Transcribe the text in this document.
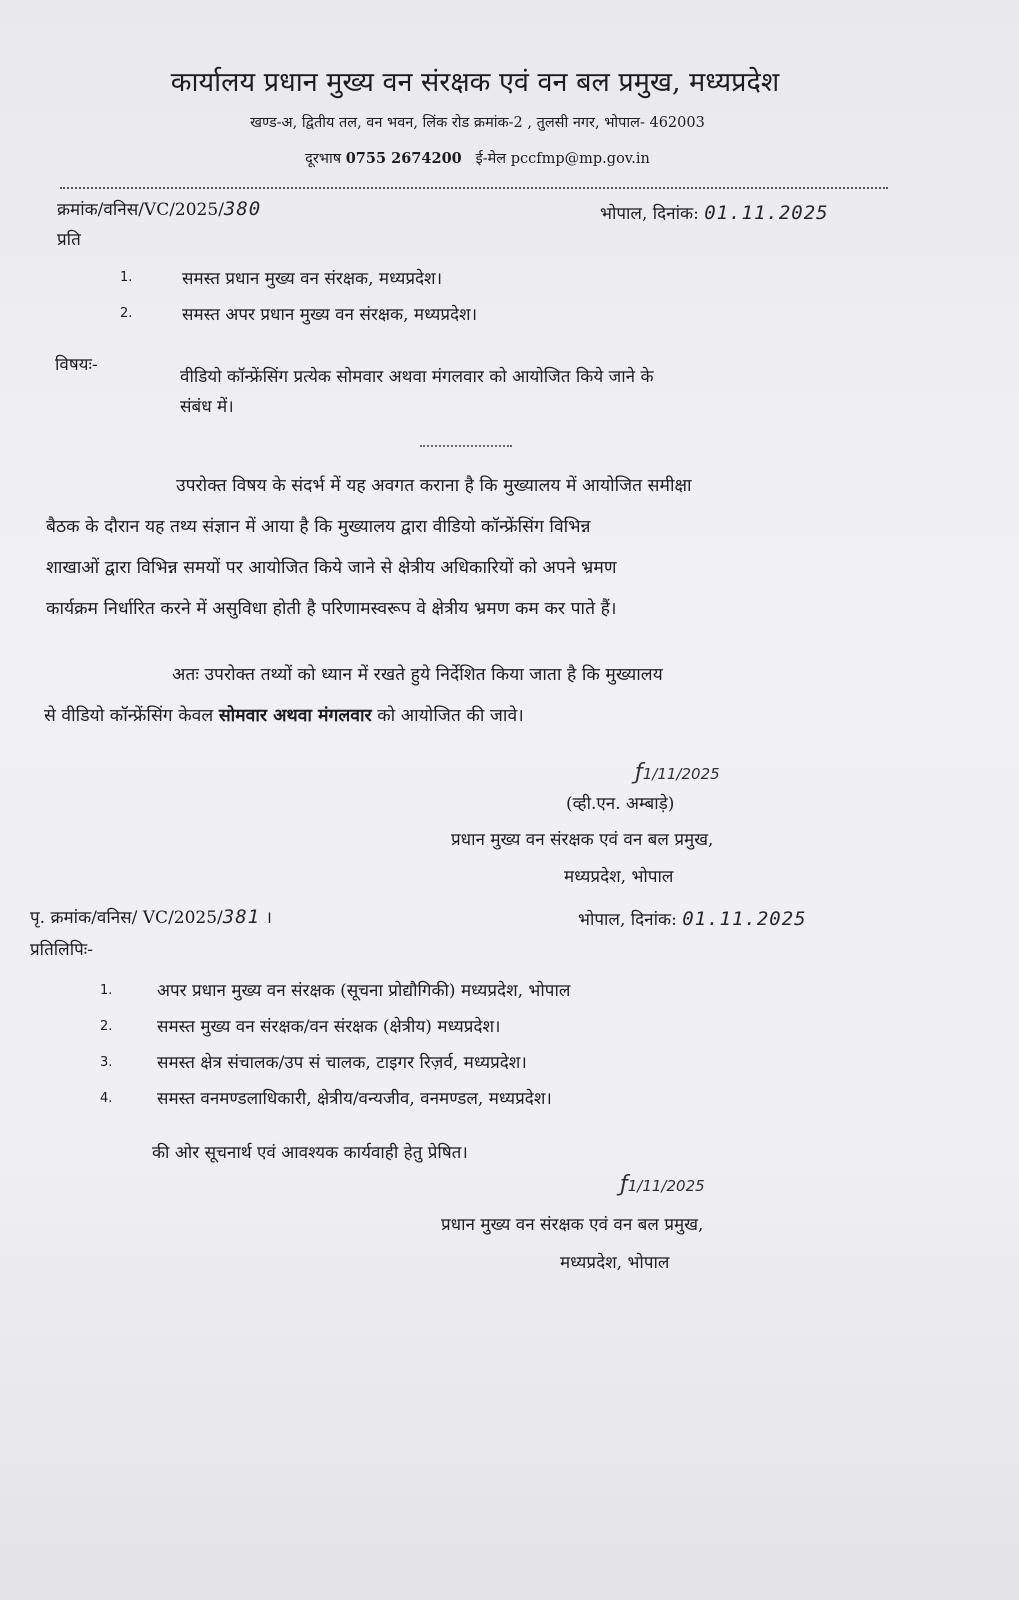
कार्यालय प्रधान मुख्य वन संरक्षक एवं वन बल प्रमुख, मध्यप्रदेश
खण्ड-अ, द्वितीय तल, वन भवन, लिंक रोड क्रमांक-2 , तुलसी नगर, भोपाल- 462003
दूरभाष 0755 2674200 ई-मेल pccfmp@mp.gov.in
क्रमांक/वनिस/VC/2025/380	भोपाल, दिनांक: 01.11.2025
प्रति
1.	समस्त प्रधान मुख्य वन संरक्षक, मध्यप्रदेश।
2.	समस्त अपर प्रधान मुख्य वन संरक्षक, मध्यप्रदेश।
विषयः-
वीडियो कॉन्फ्रेंसिंग प्रत्येक सोमवार अथवा मंगलवार को आयोजित किये जाने के
संबंध में।
उपरोक्त विषय के संदर्भ में यह अवगत कराना है कि मुख्यालय में आयोजित समीक्षा
बैठक के दौरान यह तथ्य संज्ञान में आया है कि मुख्यालय द्वारा वीडियो कॉन्फ्रेंसिंग विभिन्न
शाखाओं द्वारा विभिन्न समयों पर आयोजित किये जाने से क्षेत्रीय अधिकारियों को अपने भ्रमण
कार्यक्रम निर्धारित करने में असुविधा होती है परिणामस्वरूप वे क्षेत्रीय भ्रमण कम कर पाते हैं।
अतः उपरोक्त तथ्यों को ध्यान में रखते हुये निर्देशित किया जाता है कि मुख्यालय
से वीडियो कॉन्फ्रेंसिंग केवल सोमवार अथवा मंगलवार को आयोजित की जावे।
ƒ1/11/2025
(व्ही.एन. अम्बाड़े)
प्रधान मुख्य वन संरक्षक एवं वन बल प्रमुख,
मध्यप्रदेश, भोपाल
पृ. क्रमांक/वनिस/ VC/2025/381 ।	भोपाल, दिनांक: 01.11.2025
प्रतिलिपिः-
1.	अपर प्रधान मुख्य वन संरक्षक (सूचना प्रोद्यौगिकी) मध्यप्रदेश, भोपाल
2.	समस्त मुख्य वन संरक्षक/वन संरक्षक (क्षेत्रीय) मध्यप्रदेश।
3.	समस्त क्षेत्र संचालक/उप सं चालक, टाइगर रिज़र्व, मध्यप्रदेश।
4.	समस्त वनमण्डलाधिकारी, क्षेत्रीय/वन्यजीव, वनमण्डल, मध्यप्रदेश।
की ओर सूचनार्थ एवं आवश्यक कार्यवाही हेतु प्रेषित।
ƒ1/11/2025
प्रधान मुख्य वन संरक्षक एवं वन बल प्रमुख,
मध्यप्रदेश, भोपाल
